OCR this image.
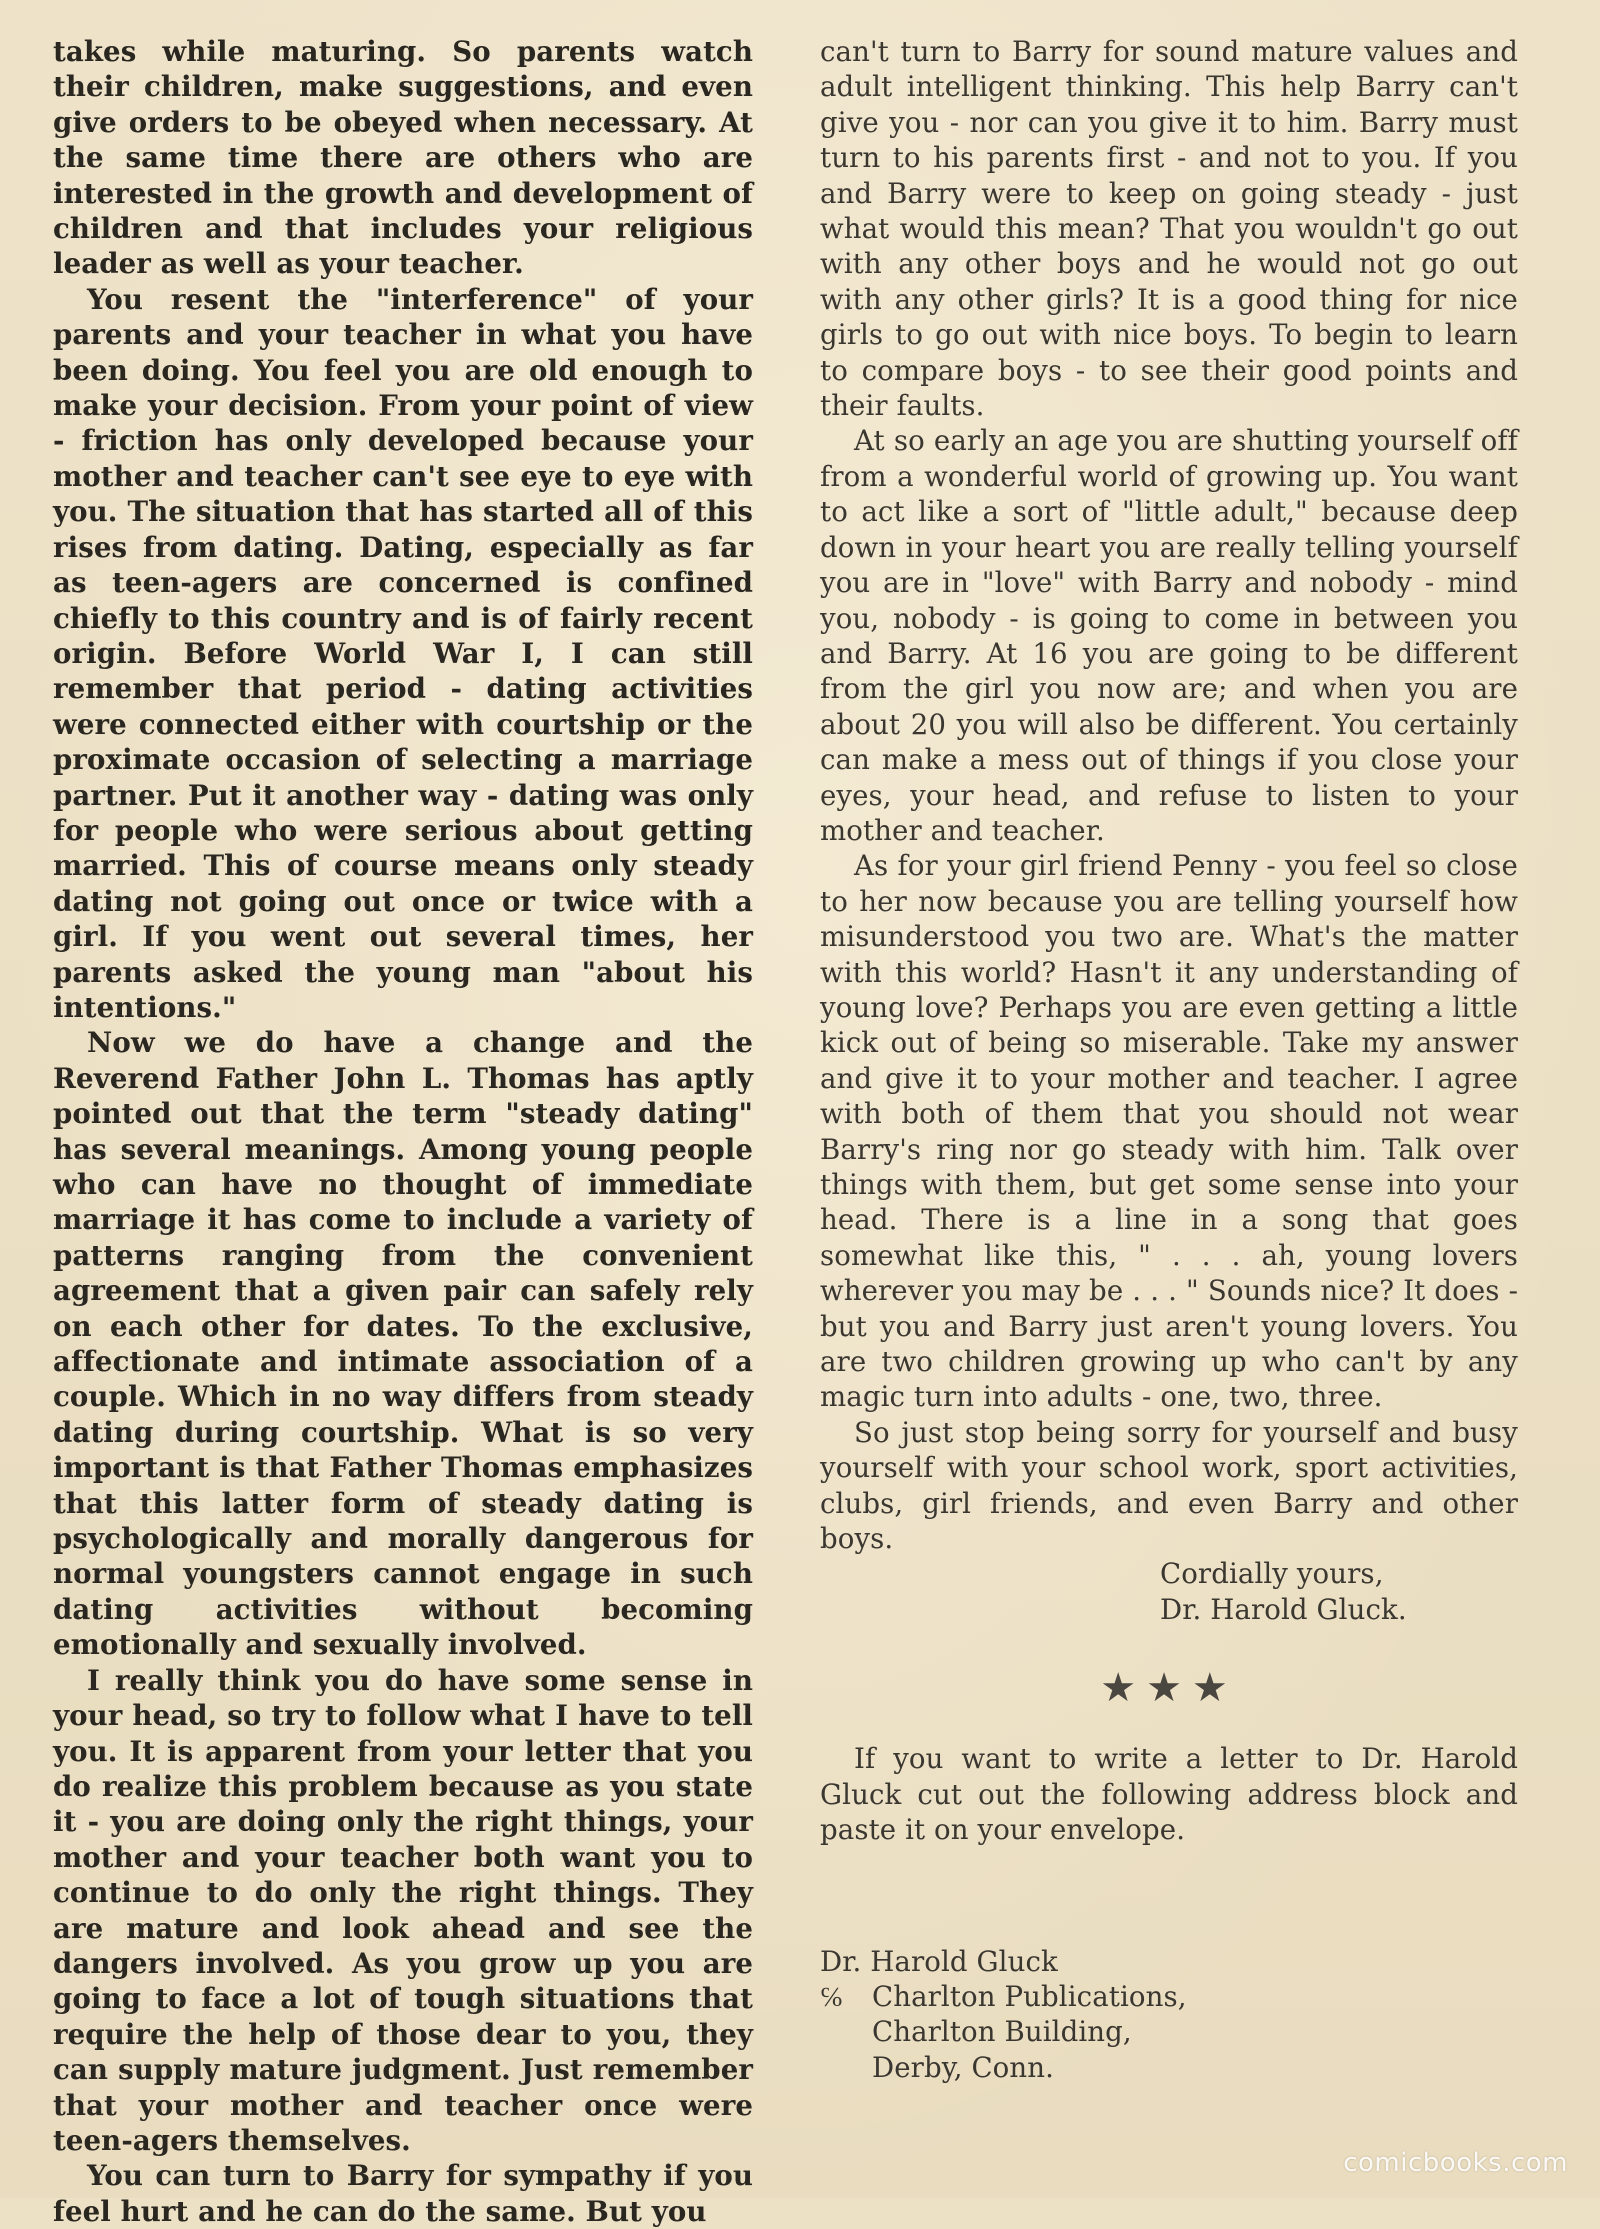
takes while maturing. So parents watch their children, make suggestions, and even give orders to be obeyed when necessary. At the same time there are others who are interested in the growth and development of children and that includes your religious leader as well as your teacher.

You resent the "interference" of your parents and your teacher in what you have been doing. You feel you are old enough to make your decision. From your point of view - friction has only developed because your mother and teacher can't see eye to eye with you. The situation that has started all of this rises from dating. Dating, especially as far as teen-agers are concerned is confined chiefly to this country and is of fairly recent origin. Before World War I, I can still remember that period - dating activities were connected either with courtship or the proximate occasion of selecting a marriage partner. Put it another way - dating was only for people who were serious about getting married. This of course means only steady dating not going out once or twice with a girl. If you went out several times, her parents asked the young man "about his intentions."

Now we do have a change and the Reverend Father John L. Thomas has aptly pointed out that the term "steady dating" has several meanings. Among young people who can have no thought of immediate marriage it has come to include a variety of patterns ranging from the convenient agreement that a given pair can safely rely on each other for dates. To the exclusive, affectionate and intimate association of a couple. Which in no way differs from steady dating during courtship. What is so very important is that Father Thomas emphasizes that this latter form of steady dating is psychologically and morally dangerous for normal youngsters cannot engage in such dating activities without becoming emotionally and sexually involved.

I really think you do have some sense in your head, so try to follow what I have to tell you. It is apparent from your letter that you do realize this problem because as you state it - you are doing only the right things, your mother and your teacher both want you to continue to do only the right things. They are mature and look ahead and see the dangers involved. As you grow up you are going to face a lot of tough situations that require the help of those dear to you, they can supply mature judgment. Just remember that your mother and teacher once were teen-agers themselves.

You can turn to Barry for sympathy if you feel hurt and he can do the same. But you

can't turn to Barry for sound mature values and adult intelligent thinking. This help Barry can't give you - nor can you give it to him. Barry must turn to his parents first - and not to you. If you and Barry were to keep on going steady - just what would this mean? That you wouldn't go out with any other boys and he would not go out with any other girls? It is a good thing for nice girls to go out with nice boys. To begin to learn to compare boys - to see their good points and their faults.

At so early an age you are shutting yourself off from a wonderful world of growing up. You want to act like a sort of "little adult," because deep down in your heart you are really telling yourself you are in "love" with Barry and nobody - mind you, nobody - is going to come in between you and Barry. At 16 you are going to be different from the girl you now are; and when you are about 20 you will also be different. You certainly can make a mess out of things if you close your eyes, your head, and refuse to listen to your mother and teacher.

As for your girl friend Penny - you feel so close to her now because you are telling yourself how misunderstood you two are. What's the matter with this world? Hasn't it any understanding of young love? Perhaps you are even getting a little kick out of being so miserable. Take my answer and give it to your mother and teacher. I agree with both of them that you should not wear Barry's ring nor go steady with him. Talk over things with them, but get some sense into your head. There is a line in a song that goes somewhat like this, " . . . ah, young lovers wherever you may be . . . " Sounds nice? It does - but you and Barry just aren't young lovers. You are two children growing up who can't by any magic turn into adults - one, two, three.

So just stop being sorry for yourself and busy yourself with your school work, sport activities, clubs, girl friends, and even Barry and other boys.

Cordially yours,
Dr. Harold Gluck.
★★★

If you want to write a letter to Dr. Harold Gluck cut out the following address block and paste it on your envelope.

Dr. Harold Gluck
℅ Charlton Publications,
Charlton Building,
Derby, Conn.
comicbooks.com
